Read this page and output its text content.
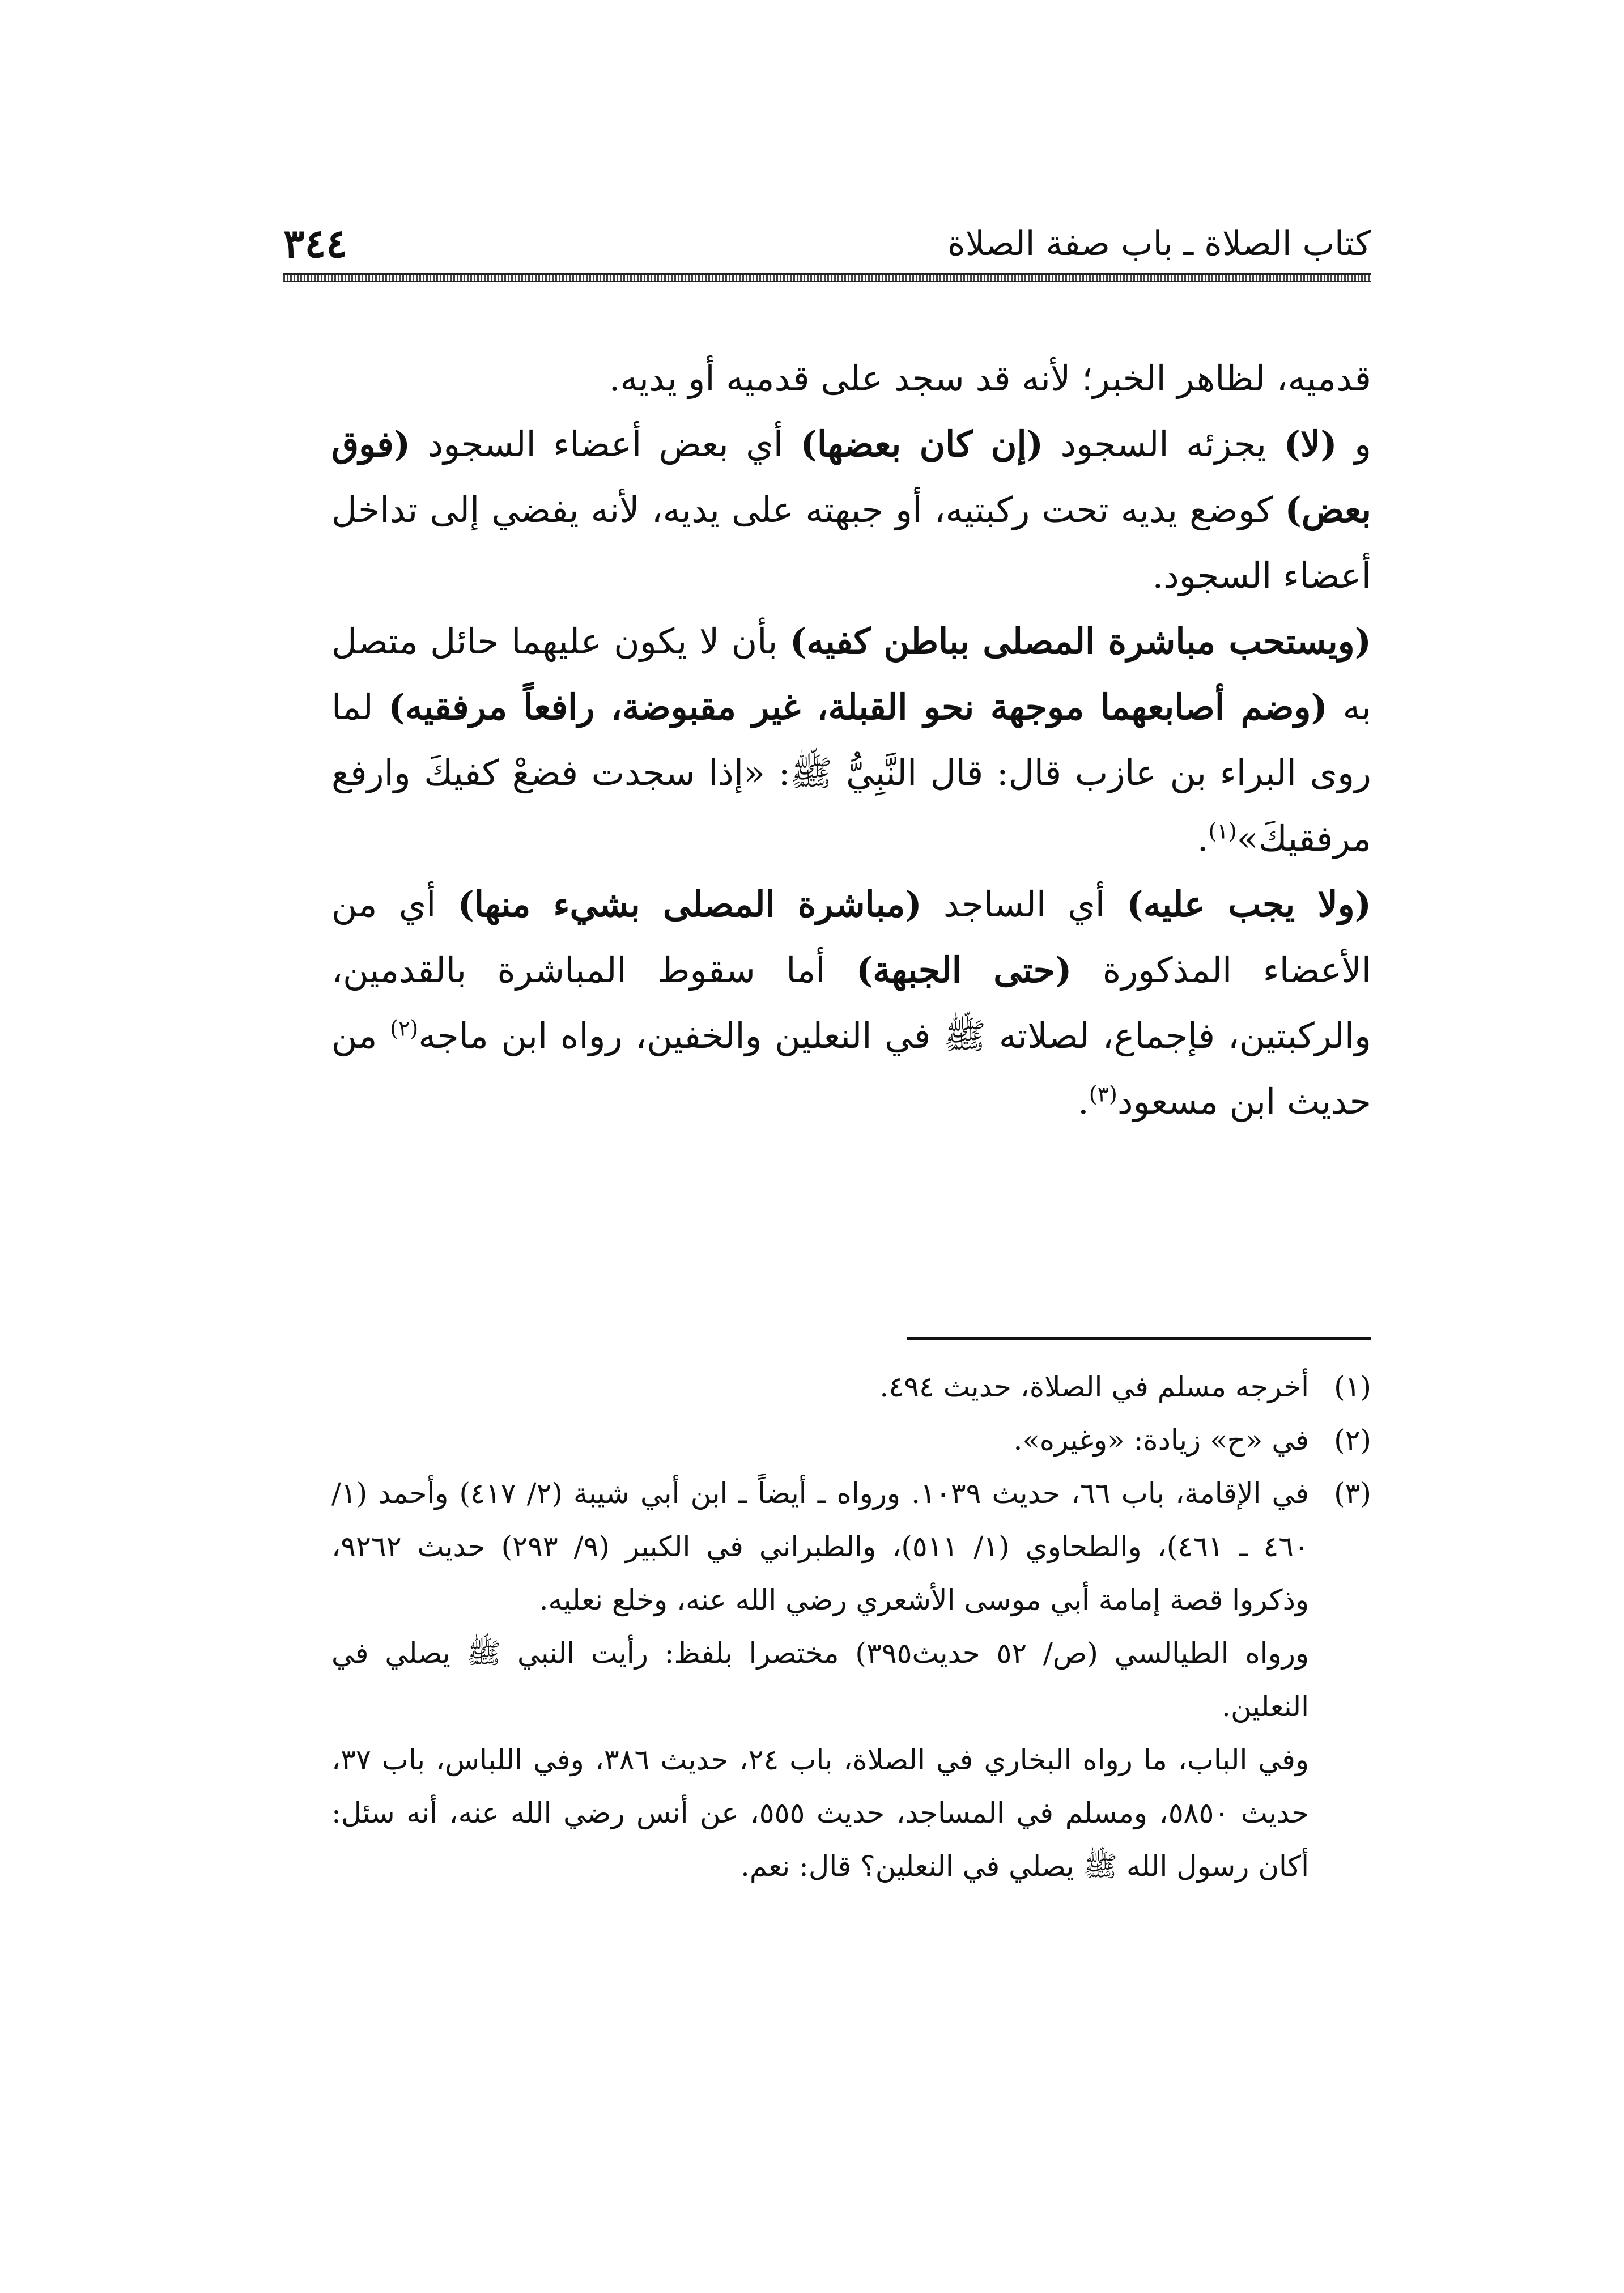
كتاب الصلاة ـ باب صفة الصلاة
٣٤٤

قدميه، لظاهر الخبر؛ لأنه قد سجد على قدميه أو يديه.

و (لا) يجزئه السجود (إن كان بعضها) أي بعض أعضاء السجود (فوق بعض) كوضع يديه تحت ركبتيه، أو جبهته على يديه، لأنه يفضي إلى تداخل أعضاء السجود.

(ويستحب مباشرة المصلى بباطن كفيه) بأن لا يكون عليهما حائل متصل به (وضم أصابعهما موجهة نحو القبلة، غير مقبوضة، رافعاً مرفقيه) لما روى البراء بن عازب قال: قال النَّبِيُّ ﷺ: «إذا سجدت فضعْ كفيكَ وارفع مرفقيكَ»$^{(١)}$.

(ولا يجب عليه) أي الساجد (مباشرة المصلى بشيء منها) أي من الأعضاء المذكورة (حتى الجبهة) أما سقوط المباشرة بالقدمين، والركبتين، فإجماع، لصلاته ﷺ في النعلين والخفين، رواه ابن ماجه$^{(٢)}$ من حديث ابن مسعود$^{(٣)}$.

(١)

أخرجه مسلم في الصلاة، حديث ٤٩٤.

(٢)

في «ح» زيادة: «وغيره».

(٣)

في الإقامة، باب ٦٦، حديث ١٠٣٩. ورواه ـ أيضاً ـ ابن أبي شيبة (٢/ ٤١٧) وأحمد (١/ ٤٦٠ ـ ٤٦١)، والطحاوي (١/ ٥١١)، والطبراني في الكبير (٩/ ٢٩٣) حديث ٩٢٦٢، وذكروا قصة إمامة أبي موسى الأشعري رضي الله عنه، وخلع نعليه.

ورواه الطيالسي (ص/ ٥٢ حديث٣٩٥) مختصرا بلفظ: رأيت النبي ﷺ يصلي في النعلين.

وفي الباب، ما رواه البخاري في الصلاة، باب ٢٤، حديث ٣٨٦، وفي اللباس، باب ٣٧، حديث ٥٨٥٠، ومسلم في المساجد، حديث ٥٥٥، عن أنس رضي الله عنه، أنه سئل: أكان رسول الله ﷺ يصلي في النعلين؟ قال: نعم.
